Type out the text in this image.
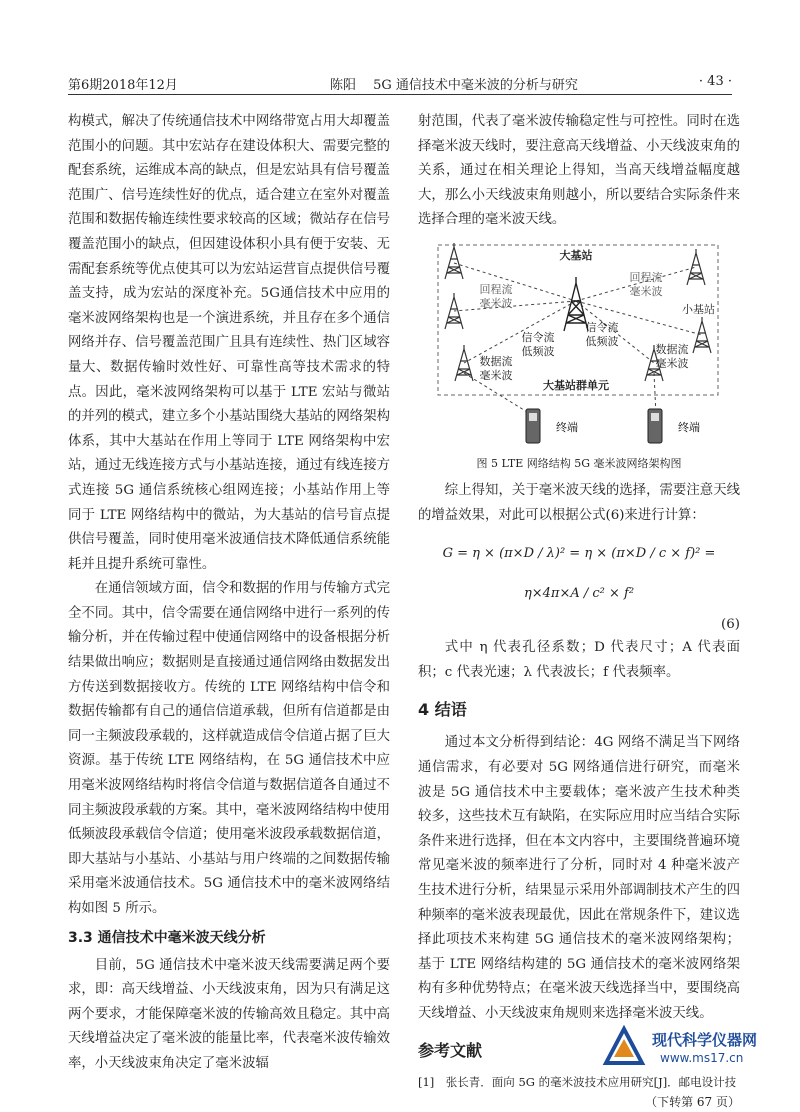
第6期2018年12月	陈阳　 5G 通信技术中毫米波的分析与研究	· 43 ·

构模式，解决了传统通信技术中网络带宽占用大却覆盖范围小的问题。其中宏站存在建设体积大、需要完整的配套系统，运维成本高的缺点，但是宏站具有信号覆盖范围广、信号连续性好的优点，适合建立在室外对覆盖范围和数据传输连续性要求较高的区域；微站存在信号覆盖范围小的缺点，但因建设体积小具有便于安装、无需配套系统等优点使其可以为宏站运营盲点提供信号覆盖支持，成为宏站的深度补充。5G通信技术中应用的毫米波网络架构也是一个演进系统，并且存在多个通信网络并存、信号覆盖范围广且具有连续性、热门区域容量大、数据传输时效性好、可靠性高等技术需求的特点。因此，毫米波网络架构可以基于 LTE 宏站与微站的并列的模式，建立多个小基站围绕大基站的网络架构体系，其中大基站在作用上等同于 LTE 网络架构中宏站，通过无线连接方式与小基站连接，通过有线连接方式连接 5G 通信系统核心组网连接；小基站作用上等同于 LTE 网络结构中的微站，为大基站的信号盲点提供信号覆盖，同时使用毫米波通信技术降低通信系统能耗并且提升系统可靠性。

在通信领域方面，信令和数据的作用与传输方式完全不同。其中，信令需要在通信网络中进行一系列的传输分析，并在传输过程中使通信网络中的设备根据分析结果做出响应；数据则是直接通过通信网络由数据发出方传送到数据接收方。传统的 LTE 网络结构中信令和数据传输都有自己的通信信道承载，但所有信道都是由同一主频波段承载的，这样就造成信令信道占据了巨大资源。基于传统 LTE 网络结构，在 5G 通信技术中应用毫米波网络结构时将信令信道与数据信道各自通过不同主频波段承载的方案。其中，毫米波网络结构中使用低频波段承载信令信道；使用毫米波段承载数据信道，即大基站与小基站、小基站与用户终端的之间数据传输采用毫米波通信技术。5G 通信技术中的毫米波网络结构如图 5 所示。

3.3 通信技术中毫米波天线分析

目前，5G 通信技术中毫米波天线需要满足两个要求，即：高天线增益、小天线波束角，因为只有满足这两个要求，才能保障毫米波的传输高效且稳定。其中高天线增益决定了毫米波的能量比率，代表毫米波传输效率，小天线波束角决定了毫米波辐

射范围，代表了毫米波传输稳定性与可控性。同时在选择毫米波天线时，要注意高天线增益、小天线波束角的关系，通过在相关理论上得知，当高天线增益幅度越大，那么小天线波束角则越小，所以要结合实际条件来选择合理的毫米波天线。

大基站
小基站
回程流
毫米波
回程流
毫米波
信令流
低频波
信令流
低频波
数据流
毫米波
数据流
毫米波
大基站群单元
终端	终端
图 5 LTE 网络结构 5G 毫米波网络架构图

综上得知，关于毫米波天线的选择，需要注意天线的增益效果，对此可以根据公式(6)来进行计算：

G = η × (π×D / λ)² = η × (π×D / c × f)² = η×4π×A / c² × f²
(6)

式中 η 代表孔径系数；D 代表尺寸；A 代表面积；c 代表光速；λ 代表波长；f 代表频率。

4 结语

通过本文分析得到结论：4G 网络不满足当下网络通信需求，有必要对 5G 网络通信进行研究，而毫米波是 5G 通信技术中主要载体；毫米波产生技术种类较多，这些技术互有缺陷，在实际应用时应当结合实际条件来进行选择，但在本文内容中，主要围绕普遍环境常见毫米波的频率进行了分析，同时对 4 种毫米波产生技术进行分析，结果显示采用外部调制技术产生的四种频率的毫米波表现最优，因此在常规条件下，建议选择此项技术来构建 5G 通信技术的毫米波网络架构；基于 LTE 网络结构建的 5G 通信技术的毫米波网络架构有多种优势特点；在毫米波天线选择当中，要围绕高天线增益、小天线波束角规则来选择毫米波天线。

参考文献
[1]　张长青．面向 5G 的毫米波技术应用研究[J]．邮电设计技
（下转第 67 页）
现代科学仪器网
www.ms17.cn
